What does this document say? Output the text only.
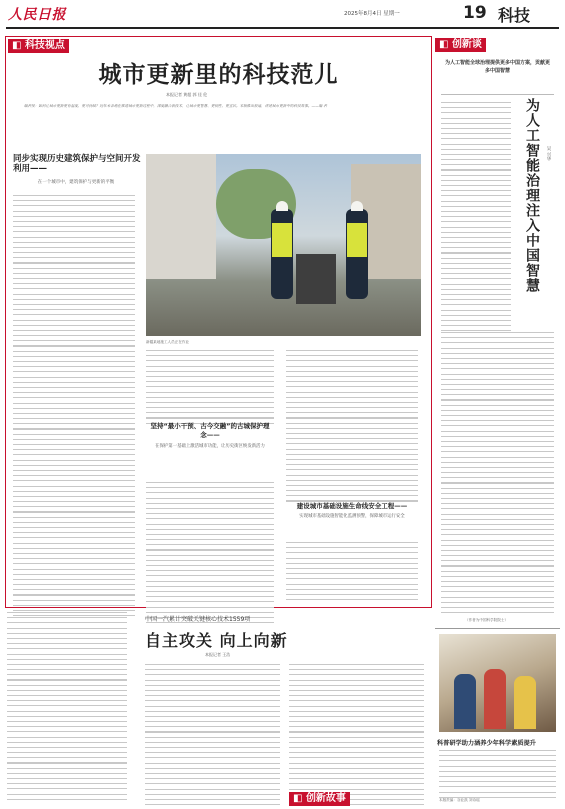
人民日报	2025年8月4日 星期一	19 科技
◧ 科技视点
城市更新里的科技范儿
本报记者 黄超 郭 佳 伦
编者按：如何让城市更新更有温度、更可持续？近年来各地在推进城市更新过程中，深度融合新技术，让城市更智慧、更韧性、更宜居。本版推出报道，讲述城市更新中的科技故事。——编 者
同步实现历史建筑保护与空间开发利用——
在一个城市中，建筑保护与更新的平衡
新疆某地施工人员正在作业
坚持“最小干预、古今交融”的古城保护理念——
在保护第一基础上激活城市功能，让历史街区焕发新活力
建设城市基础设施生命线安全工程——
实现城市基础设施智能化监测预警，保障城市运行安全
◧ 创新谈
为人工智能全球治理提供更多中国方案，贡献更多中国智慧
为人工智能治理注入中国智慧	吴 兴华
（作者为中国科学院院士）
中国一汽累计突破关键核心技术1559项
自主攻关 向上向新
本报记者 王浩
◧ 创新故事
科普研学助力涵养少年科学素质提升
本版责编：谷业凯 刘诗瑶
